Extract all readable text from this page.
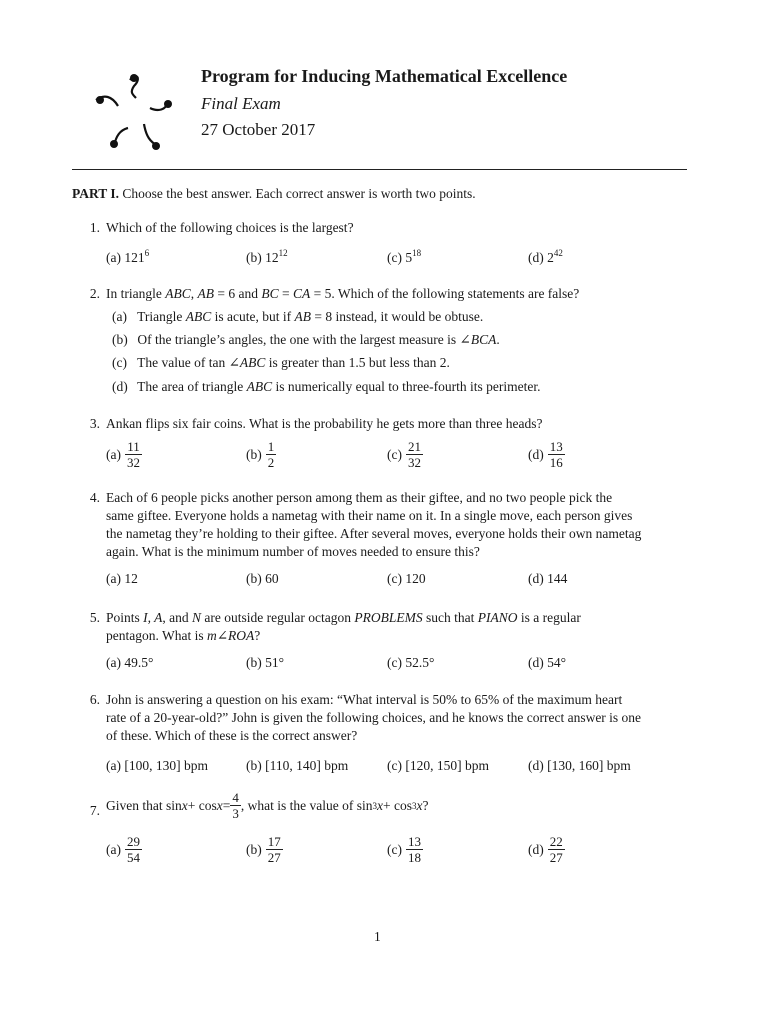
Program for Inducing Mathematical Excellence
Final Exam
27 October 2017
PART I. Choose the best answer. Each correct answer is worth two points.
1. Which of the following choices is the largest?
(a) $121^6$	(b) $12^{12}$	(c) $5^{18}$	(d) $2^{42}$
2. In triangle ABC, AB = 6 and BC = CA = 5. Which of the following statements are false?
(a) Triangle ABC is acute, but if AB = 8 instead, it would be obtuse.
(b) Of the triangle’s angles, the one with the largest measure is ∠BCA.
(c) The value of tan ∠ABC is greater than 1.5 but less than 2.
(d) The area of triangle ABC is numerically equal to three-fourth its perimeter.
3. Ankan flips six fair coins. What is the probability he gets more than three heads?
$(a) \frac{11}{32}$	$(b) \frac{1}{2}$	$(c) \frac{21}{32}$	$(d) \frac{13}{16}$
4. Each of 6 people picks another person among them as their giftee, and no two people pick the
same giftee. Everyone holds a nametag with their name on it. In a single move, each person gives
the nametag they’re holding to their giftee. After several moves, everyone holds their own nametag
again. What is the minimum number of moves needed to ensure this?
(a) 12	(b) 60	(c) 120	(d) 144
5. Points I, A, and N are outside regular octagon PROBLEMS such that PIANO is a regular
pentagon. What is m∠ROA?
(a) 49.5°	(b) 51°	(c) 52.5°	(d) 54°
6. John is answering a question on his exam: “What interval is 50% to 65% of the maximum heart
rate of a 20-year-old?” John is given the following choices, and he knows the correct answer is one
of these. Which of these is the correct answer?
(a) [100, 130] bpm	(b) [110, 140] bpm	(c) [120, 150] bpm	(d) [130, 160] bpm
7. Given that $\sin x + \cos x = \frac{4}{3}$ , what is the value of sin 3 x + cos 3 x ?
$(a) \frac{29}{54}$	$(b) \frac{17}{27}$	$(c) \frac{13}{18}$	$(d) \frac{22}{27}$
1
